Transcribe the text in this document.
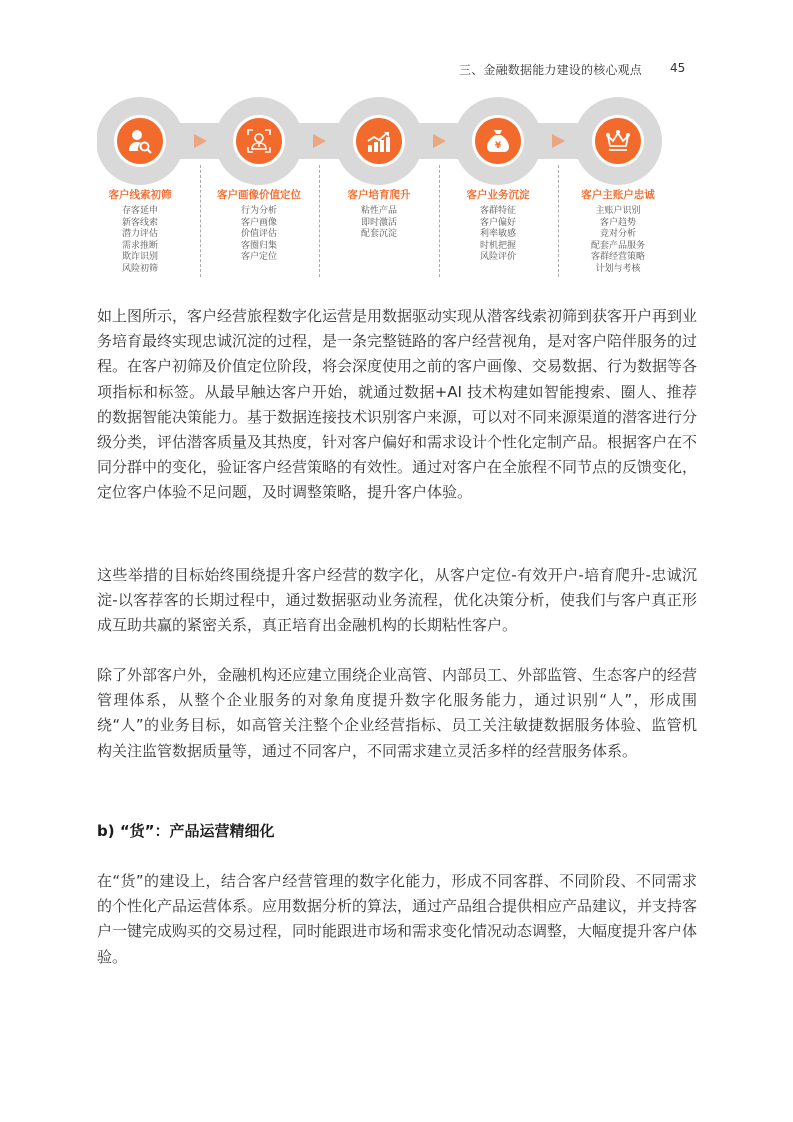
三、金融数据能力建设的核心观点 45
¥
客户线索初筛
存客延申
新客线索
潜力评估
需求推断
欺诈识别
风险初筛
客户画像价值定位
行为分析
客户画像
价值评估
客圈归集
客户定位
客户培育爬升
粘性产品
即时激活
配套沉淀
客户业务沉淀
客群特征
客户偏好
利率敏感
时机把握
风险评价
客户主账户忠诚
主账户识别
客户趋势
竞对分析
配套产品服务
客群经营策略
计划与考核

如上图所示，客户经营旅程数字化运营是用数据驱动实现从潜客线索初筛到获客开户再到业务培育最终实现忠诚沉淀的过程，是一条完整链路的客户经营视角，是对客户陪伴服务的过程。在客户初筛及价值定位阶段，将会深度使用之前的客户画像、交易数据、行为数据等各项指标和标签。从最早触达客户开始，就通过数据+AI 技术构建如智能搜索、圈人、推荐的数据智能决策能力。基于数据连接技术识别客户来源，可以对不同来源渠道的潜客进行分级分类，评估潜客质量及其热度，针对客户偏好和需求设计个性化定制产品。根据客户在不同分群中的变化，验证客户经营策略的有效性。通过对客户在全旅程不同节点的反馈变化，定位客户体验不足问题，及时调整策略，提升客户体验。

这些举措的目标始终围绕提升客户经营的数字化，从客户定位-有效开户-培育爬升-忠诚沉淀-以客荐客的长期过程中，通过数据驱动业务流程，优化决策分析，使我们与客户真正形成互助共赢的紧密关系，真正培育出金融机构的长期粘性客户。

除了外部客户外，金融机构还应建立围绕企业高管、内部员工、外部监管、生态客户的经营管理体系，从整个企业服务的对象角度提升数字化服务能力，通过识别“人”，形成围绕“人”的业务目标，如高管关注整个企业经营指标、员工关注敏捷数据服务体验、监管机构关注监管数据质量等，通过不同客户，不同需求建立灵活多样的经营服务体系。

b) “货”：产品运营精细化

在“货”的建设上，结合客户经营管理的数字化能力，形成不同客群、不同阶段、不同需求的个性化产品运营体系。应用数据分析的算法，通过产品组合提供相应产品建议，并支持客户一键完成购买的交易过程，同时能跟进市场和需求变化情况动态调整，大幅度提升客户体验。
